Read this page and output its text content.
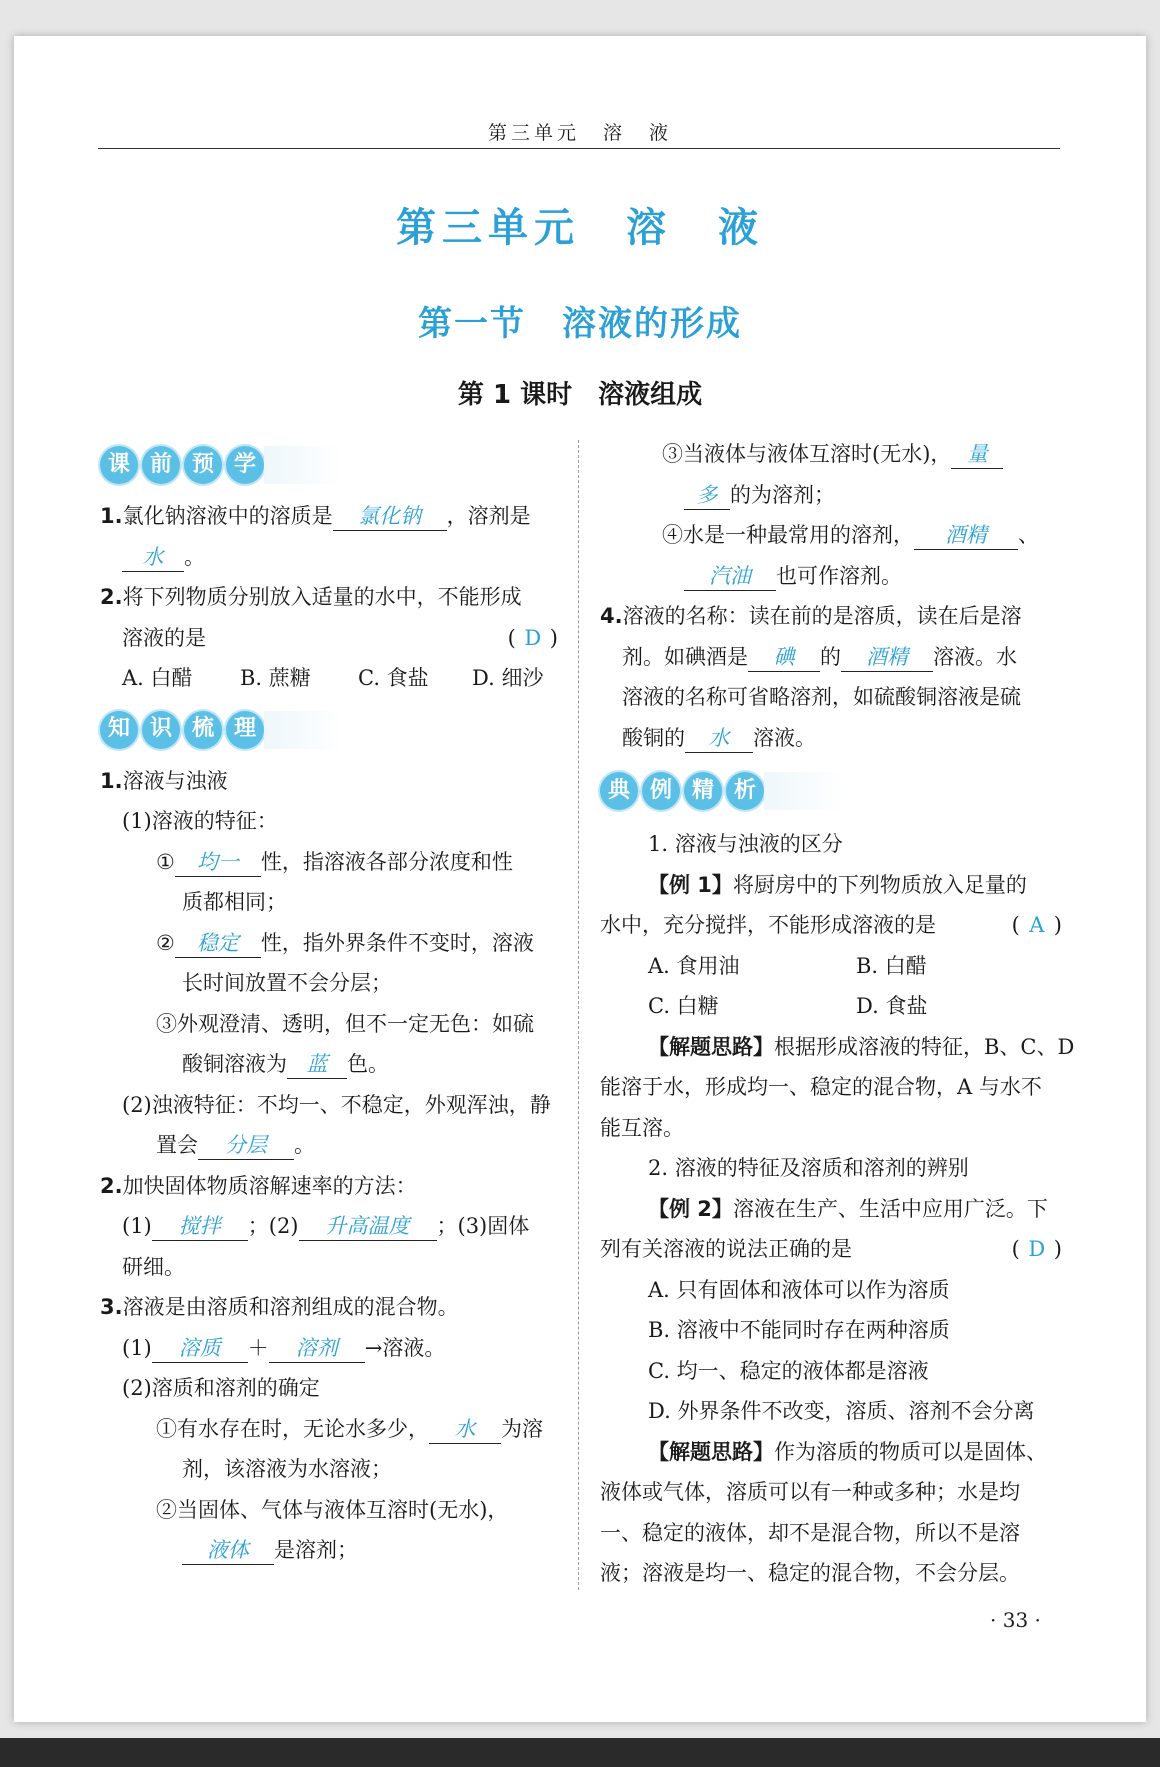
第三单元　溶　液
第三单元　溶　液
第一节　溶液的形成
第 1 课时　溶液组成
课 前 预 学
1.氯化钠溶液中的溶质是 氯化钠 ，溶剂是
水 。
2.将下列物质分别放入适量的水中，不能形成
溶液的是	( D )
A. 白醋 B. 蔗糖 C. 食盐 D. 细沙
知 识 梳 理
1.溶液与浊液
(1)溶液的特征：
① 均一 性，指溶液各部分浓度和性
质都相同；
② 稳定 性，指外界条件不变时，溶液
长时间放置不会分层；
③外观澄清、透明，但不一定无色：如硫
酸铜溶液为 蓝 色。
(2)浊液特征：不均一、不稳定，外观浑浊，静
置会 分层 。
2.加快固体物质溶解速率的方法：
(1) 搅拌 ；(2) 升高温度 ；(3)固体
研细。
3.溶液是由溶质和溶剂组成的混合物。
(1) 溶质 ＋ 溶剂 →溶液。
(2)溶质和溶剂的确定
①有水存在时，无论水多少， 水 为溶
剂，该溶液为水溶液；
②当固体、气体与液体互溶时(无水)，
液体 是溶剂；
③当液体与液体互溶时(无水)， 量
多 的为溶剂；
④水是一种最常用的溶剂， 酒精 、
汽油 也可作溶剂。
4.溶液的名称：读在前的是溶质，读在后是溶
剂。如碘酒是 碘 的 酒精 溶液。水
溶液的名称可省略溶剂，如硫酸铜溶液是硫
酸铜的 水 溶液。
典 例 精 析
1. 溶液与浊液的区分
【例 1】将厨房中的下列物质放入足量的
水中，充分搅拌，不能形成溶液的是	( A )
A. 食用油	B. 白醋
C. 白糖	D. 食盐
【解题思路】根据形成溶液的特征，B、C、D
能溶于水，形成均一、稳定的混合物，A 与水不
能互溶。
2. 溶液的特征及溶质和溶剂的辨别
【例 2】溶液在生产、生活中应用广泛。下
列有关溶液的说法正确的是	( D )
A. 只有固体和液体可以作为溶质
B. 溶液中不能同时存在两种溶质
C. 均一、稳定的液体都是溶液
D. 外界条件不改变，溶质、溶剂不会分离
【解题思路】作为溶质的物质可以是固体、
液体或气体，溶质可以有一种或多种；水是均
一、稳定的液体，却不是混合物，所以不是溶
液；溶液是均一、稳定的混合物，不会分层。
· 33 ·
